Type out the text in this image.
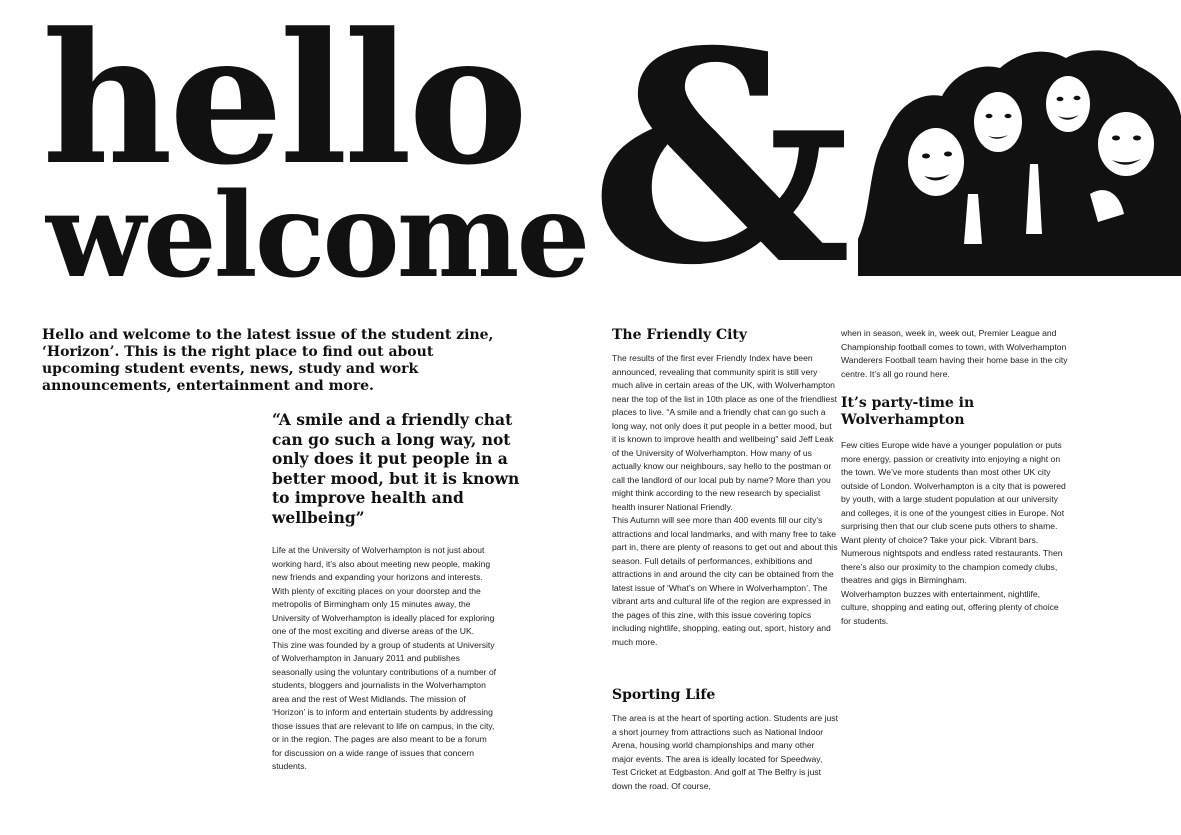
hello
welcome &
Hello and welcome to the latest issue of the student zine, ‘Horizon’. This is the right place to find out about upcoming student events, news, study and work announcements, entertainment and more.
“A smile and a friendly chat can go such a long way, not only does it put people in a better mood, but it is known to improve health and wellbeing”

Life at the University of Wolverhampton is not just about working hard, it’s also about meeting new people, making new friends and expanding your horizons and interests. With plenty of exciting places on your doorstep and the metropolis of Birmingham only 15 minutes away, the University of Wolverhampton is ideally placed for exploring one of the most exciting and diverse areas of the UK.

This zine was founded by a group of students at University of Wolverhampton in January 2011 and publishes seasonally using the voluntary contributions of a number of students, bloggers and journalists in the Wolverhampton area and the rest of West Midlands. The mission of ‘Horizon’ is to inform and entertain students by addressing those issues that are relevant to life on campus, in the city, or in the region. The pages are also meant to be a forum for discussion on a wide range of issues that concern students.

The Friendly City

The results of the first ever Friendly Index have been announced, revealing that community spirit is still very much alive in certain areas of the UK, with Wolverhampton near the top of the list in 10th place as one of the friendliest places to live. “A smile and a friendly chat can go such a long way, not only does it put people in a better mood, but it is known to improve health and wellbeing” said Jeff Leak of the University of Wolverhampton. How many of us actually know our neighbours, say hello to the postman or call the landlord of our local pub by name? More than you might think according to the new research by specialist health insurer National Friendly.

This Autumn will see more than 400 events fill our city’s attractions and local landmarks, and with many free to take part in, there are plenty of reasons to get out and about this season. Full details of performances, exhibitions and attractions in and around the city can be obtained from the latest issue of ‘What’s on Where in Wolverhampton’. The vibrant arts and cultural life of the region are expressed in the pages of this zine, with this issue covering topics including nightlife, shopping, eating out, sport, history and much more.

Sporting Life

The area is at the heart of sporting action. Students are just a short journey from attractions such as National Indoor Arena, housing world championships and many other major events. The area is ideally located for Speedway, Test Cricket at Edgbaston. And golf at The Belfry is just down the road. Of course,

when in season, week in, week out, Premier League and Championship football comes to town, with Wolverhampton Wanderers Football team having their home base in the city centre. It’s all go round here.

It’s party-time in Wolverhampton

Few cities Europe wide have a younger population or puts more energy, passion or creativity into enjoying a night on the town. We’ve more students than most other UK city outside of London. Wolverhampton is a city that is powered by youth, with a large student population at our university and colleges, it is one of the youngest cities in Europe. Not surprising then that our club scene puts others to shame. Want plenty of choice? Take your pick. Vibrant bars. Numerous nightspots and endless rated restaurants. Then there’s also our proximity to the champion comedy clubs, theatres and gigs in Birmingham.

Wolverhampton buzzes with entertainment, nightlife, culture, shopping and eating out, offering plenty of choice for students.
